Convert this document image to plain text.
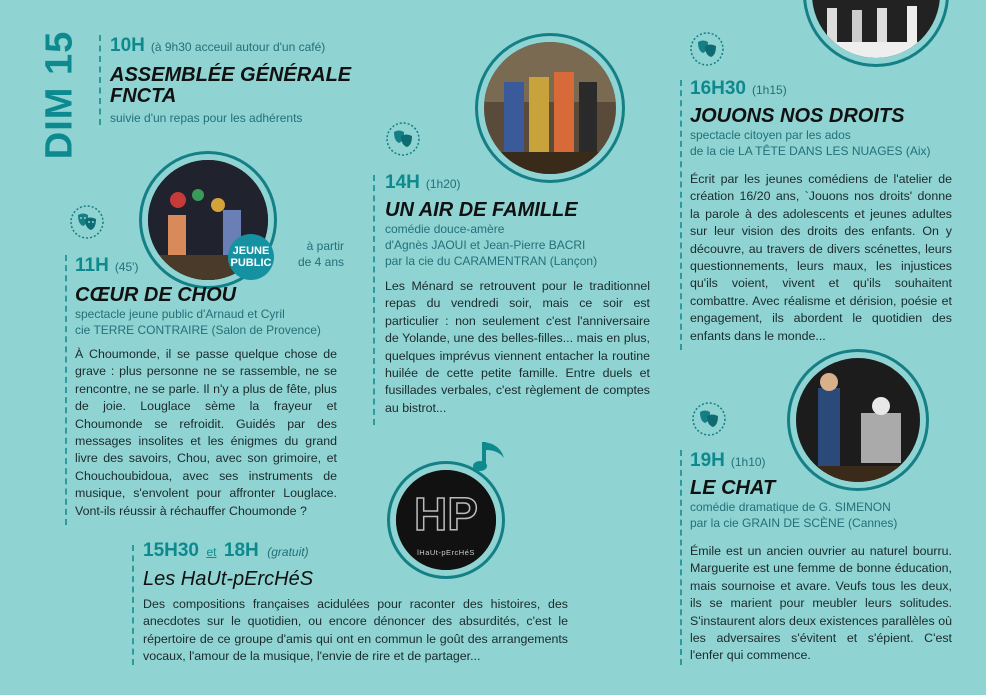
DIM 15 10H (à 9h30 acceuil autour d'un café)
ASSEMBLÉE GÉNÉRALE
FNCTA
suivie d'un repas pour les adhérents
JEUNE PUBLIC
à partir
de 4 ans
11H (45')
CŒUR DE CHOU
spectacle jeune public d'Arnaud et Cyril
cie TERRE CONTRAIRE (Salon de Provence)
À Choumonde, il se passe quelque chose de grave : plus personne ne se rassemble, ne se rencontre, ne se parle. Il n'y a plus de fête, plus de joie. Louglace sème la frayeur et Choumonde se refroidit. Guidés par des messages insolites et les énigmes du grand livre des savoirs, Chou, avec son grimoire, et Chouchoubidoua, avec ses instruments de musique, s'envolent pour affronter Louglace. Vont-ils réussir à réchauffer Choumonde ?
14H (1h20)
UN AIR DE FAMILLE
comédie douce-amère
d'Agnès JAOUI et Jean-Pierre BACRI
par la cie du CARAMENTRAN (Lançon)
Les Ménard se retrouvent pour le traditionnel repas du vendredi soir, mais ce soir est particulier : non seulement c'est l'anniversaire de Yolande, une des belles-filles... mais en plus, quelques imprévus viennent entacher la routine huilée de cette petite famille. Entre duels et fusillades verbales, c'est règlement de comptes au bistrot...
HP
lHaUt-pErcHéS
15H30 et 18H (gratuit)
Les HaUt-pErcHéS
Des compositions françaises acidulées pour raconter des histoires, des anecdotes sur le quotidien, ou encore dénoncer des absurdités, c'est le répertoire de ce groupe d'amis qui ont en commun le goût des arrangements vocaux, l'amour de la musique, l'envie de rire et de partager...
16H30 (1h15)
JOUONS NOS DROITS
spectacle citoyen par les ados
de la cie LA TÊTE DANS LES NUAGES (Aix)
Écrit par les jeunes comédiens de l'atelier de création 16/20 ans, `Jouons nos droits' donne la parole à des adolescents et jeunes adultes sur leur vision des droits des enfants. On y découvre, au travers de divers scénettes, leurs questionnements, leurs maux, les injustices qu'ils voient, vivent et qu'ils souhaitent combattre. Avec réalisme et dérision, poésie et engagement, ils abordent le quotidien des enfants dans le monde...
19H (1h10)
LE CHAT
comédie dramatique de G. SIMENON
par la cie GRAIN DE SCÈNE (Cannes)
Émile est un ancien ouvrier au naturel bourru. Marguerite est une femme de bonne éducation, mais sournoise et avare. Veufs tous les deux, ils se marient pour meubler leurs solitudes. S'instaurent alors deux existences parallèles où les adversaires s'évitent et s'épient. C'est l'enfer qui commence.
